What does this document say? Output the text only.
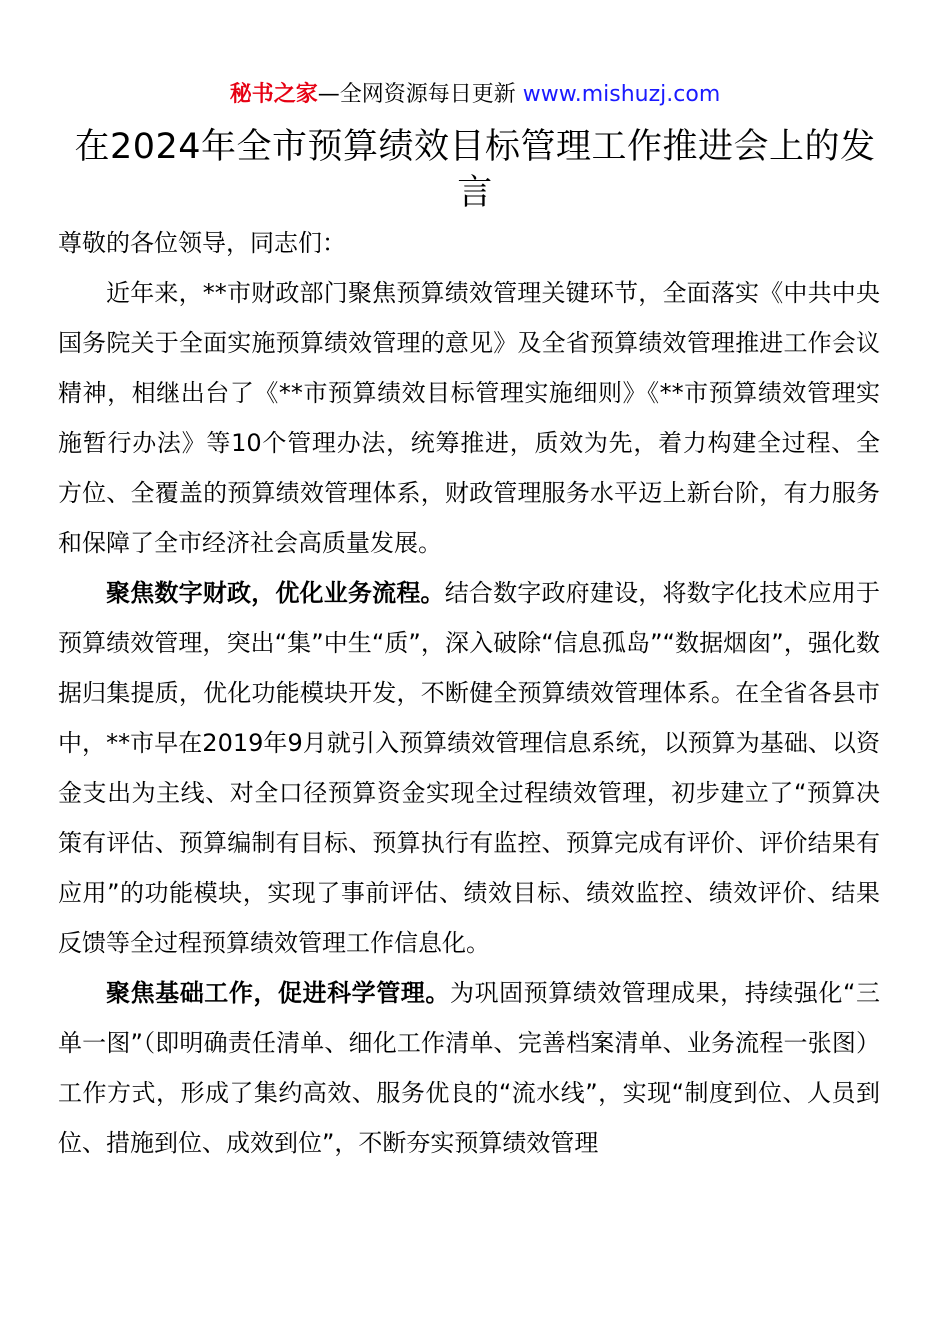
秘书之家—全网资源每日更新 www.mishuzj.com
在2024年全市预算绩效目标管理工作推进会上的发言

尊敬的各位领导，同志们：

近年来，**市财政部门聚焦预算绩效管理关键环节，全面落实《中共中央国务院关于全面实施预算绩效管理的意见》及全省预算绩效管理推进工作会议精神，相继出台了《**市预算绩效目标管理实施细则》《**市预算绩效管理实施暂行办法》等10个管理办法，统筹推进，质效为先，着力构建全过程、全方位、全覆盖的预算绩效管理体系，财政管理服务水平迈上新台阶，有力服务和保障了全市经济社会高质量发展。

聚焦数字财政，优化业务流程。结合数字政府建设，将数字化技术应用于预算绩效管理，突出“集”中生“质”，深入破除“信息孤岛”“数据烟囱”，强化数据归集提质，优化功能模块开发，不断健全预算绩效管理体系。在全省各县市中，**市早在2019年9月就引入预算绩效管理信息系统，以预算为基础、以资金支出为主线、对全口径预算资金实现全过程绩效管理，初步建立了“预算决策有评估、预算编制有目标、预算执行有监控、预算完成有评价、评价结果有应用”的功能模块，实现了事前评估、绩效目标、绩效监控、绩效评价、结果反馈等全过程预算绩效管理工作信息化。

聚焦基础工作，促进科学管理。为巩固预算绩效管理成果，持续强化“三单一图”（即明确责任清单、细化工作清单、完善档案清单、业务流程一张图）工作方式，形成了集约高效、服务优良的“流水线”，实现“制度到位、人员到位、措施到位、成效到位”，不断夯实预算绩效管理
